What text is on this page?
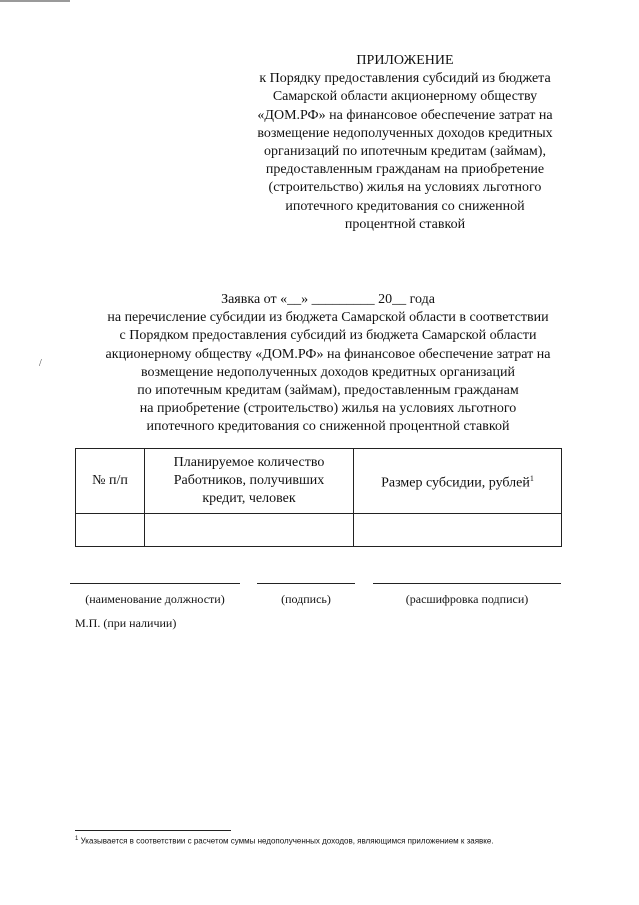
/
ПРИЛОЖЕНИЕ
к Порядку предоставления субсидий из бюджета
Самарской области акционерному обществу
«ДОМ.РФ» на финансовое обеспечение затрат на
возмещение недополученных доходов кредитных
организаций по ипотечным кредитам (займам),
предоставленным гражданам на приобретение
(строительство) жилья на условиях льготного
ипотечного кредитования со сниженной
процентной ставкой
Заявка от «__» _________ 20__ года
на перечисление субсидии из бюджета Самарской области в соответствии
с Порядком предоставления субсидий из бюджета Самарской области
акционерному обществу «ДОМ.РФ» на финансовое обеспечение затрат на
возмещение недополученных доходов кредитных организаций
по ипотечным кредитам (займам), предоставленным гражданам
на приобретение (строительство) жилья на условиях льготного
ипотечного кредитования со сниженной процентной ставкой
№ п/п	Планируемое количество Работников, получивших кредит, человек	Размер субсидии, рублей$^1$

(наименование должности)	(подпись)	(расшифровка подписи)
М.П. (при наличии)
$^1$ Указывается в соответствии с расчетом суммы недополученных доходов, являющимся приложением к заявке.
